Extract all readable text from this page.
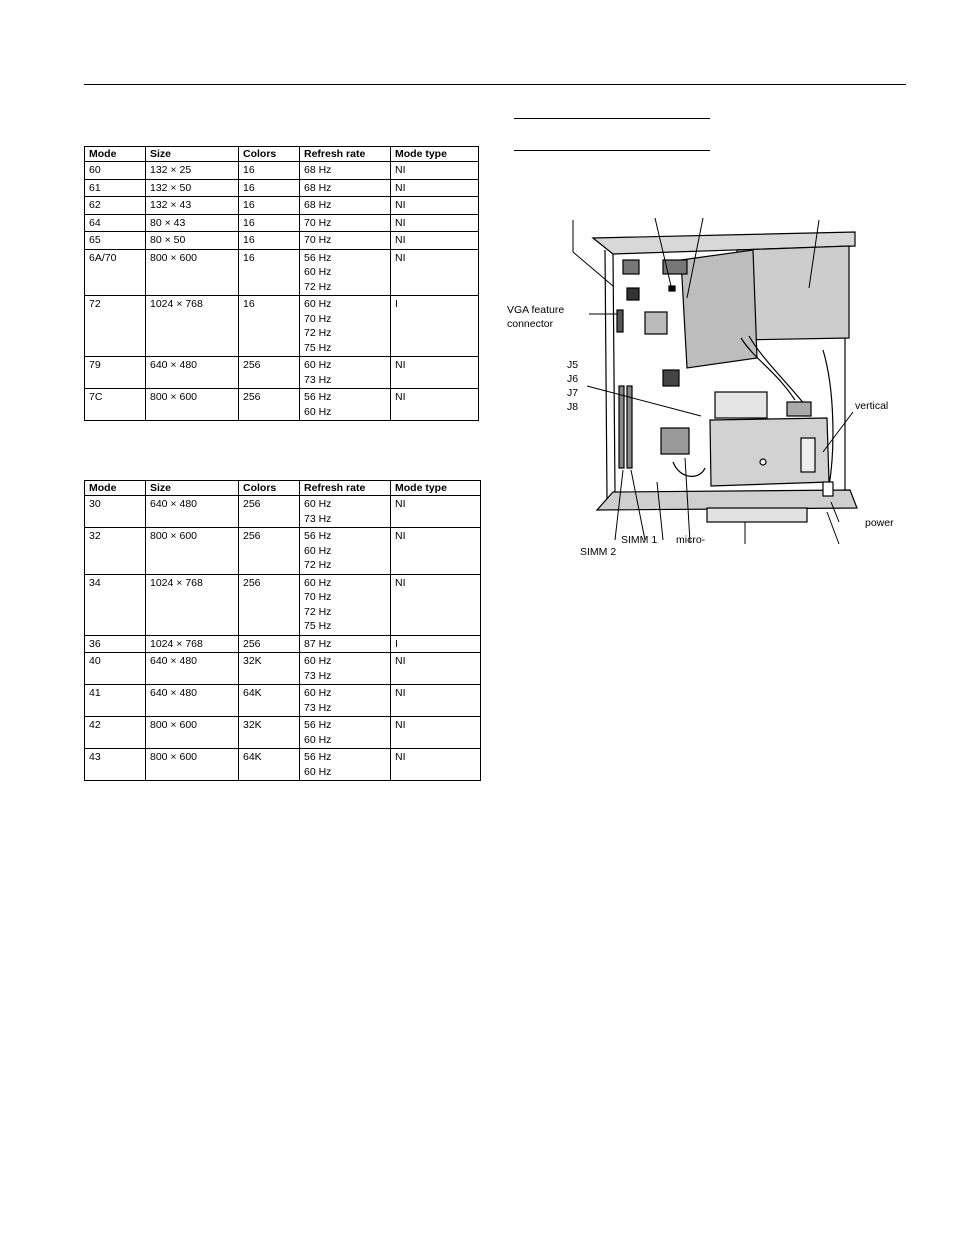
Mode	Size	Colors	Refresh rate	Mode type
60	132 × 25	16	68 Hz	NI
61	132 × 50	16	68 Hz	NI
62	132 × 43	16	68 Hz	NI
64	80 × 43	16	70 Hz	NI
65	80 × 50	16	70 Hz	NI
6A/70	800 × 600	16	56 Hz
60 Hz
72 Hz	NI
72	1024 × 768	16	60 Hz
70 Hz
72 Hz
75 Hz	I
79	640 × 480	256	60 Hz
73 Hz	NI
7C	800 × 600	256	56 Hz
60 Hz	NI
Mode	Size	Colors	Refresh rate	Mode type
30	640 × 480	256	60 Hz
73 Hz	NI
32	800 × 600	256	56 Hz
60 Hz
72 Hz	NI
34	1024 × 768	256	60 Hz
70 Hz
72 Hz
75 Hz	NI
36	1024 × 768	256	87 Hz	I
40	640 × 480	32K	60 Hz
73 Hz	NI
41	640 × 480	64K	60 Hz
73 Hz	NI
42	800 × 600	32K	56 Hz
60 Hz	NI
43	800 × 600	64K	56 Hz
60 Hz	NI
VGA feature
connector
J5
J6
J7
J8	vertical
power
SIMM 1
SIMM 2
micro-
